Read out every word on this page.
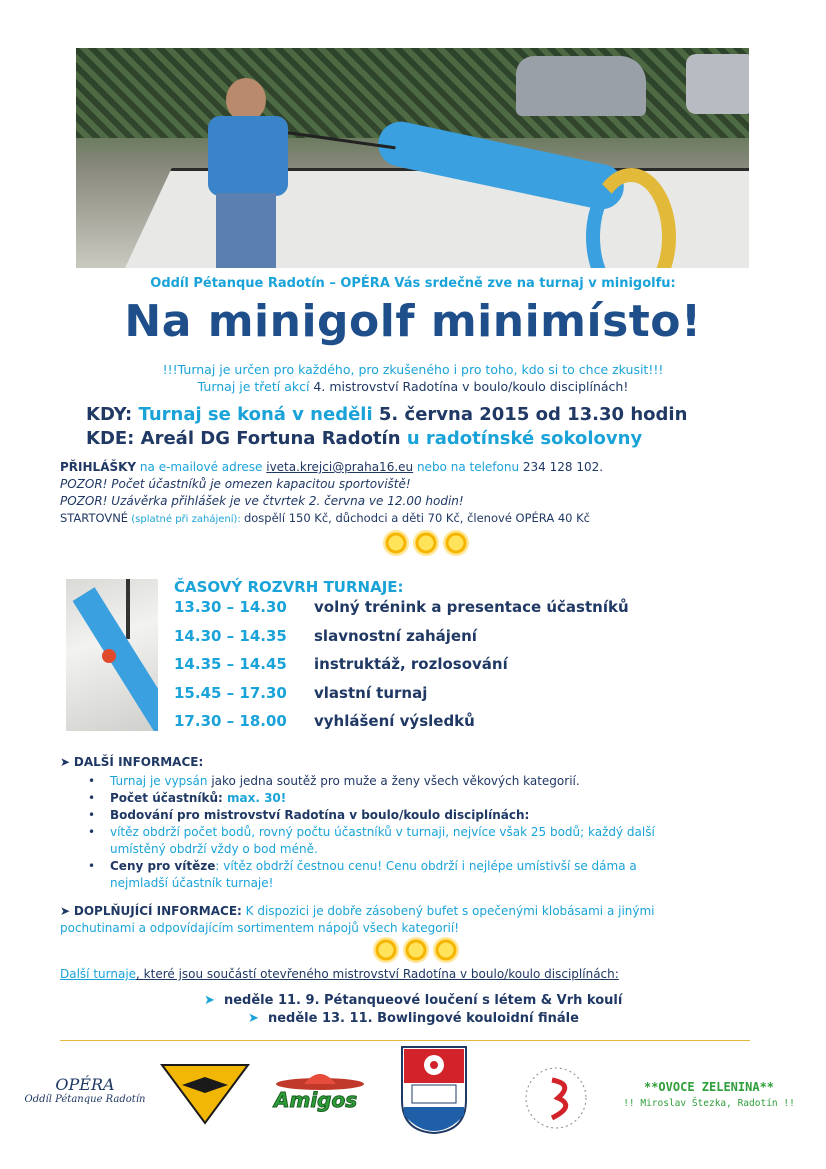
Oddíl Pétanque Radotín – OPÉRA Vás srdečně zve na turnaj v minigolfu:
Na minigolf minimísto!
!!!Turnaj je určen pro každého, pro zkušeného i pro toho, kdo si to chce zkusit!!!
Turnaj je třetí akcí 4. mistrovství Radotína v boulo/koulo disciplínách!
KDY: Turnaj se koná v neděli 5. června 2015 od 13.30 hodin
KDE: Areál DG Fortuna Radotín u radotínské sokolovny
PŘIHLÁŠKY na e-mailové adrese iveta.krejci@praha16.eu nebo na telefonu 234 128 102.
POZOR! Počet účastníků je omezen kapacitou sportoviště!
POZOR! Uzávěrka přihlášek je ve čtvrtek 2. června ve 12.00 hodin!
STARTOVNÉ (splatné při zahájení): dospělí 150 Kč, důchodci a děti 70 Kč, členové OPÉRA 40 Kč
ČASOVÝ ROZVRH TURNAJE:
13.30 – 14.30 volný trénink a presentace účastníků
14.30 – 14.35 slavnostní zahájení
14.35 – 14.45 instruktáž, rozlosování
15.45 – 17.30 vlastní turnaj
17.30 – 18.00 vyhlášení výsledků
➤ DALŠÍ INFORMACE:
• Turnaj je vypsán jako jedna soutěž pro muže a ženy všech věkových kategorií.
• Počet účastníků: max. 30!
• Bodování pro mistrovství Radotína v boulo/koulo disciplínách:
• vítěz obdrží počet bodů, rovný počtu účastníků v turnaji, nejvíce však 25 bodů; každý další
umístěný obdrží vždy o bod méně.
• Ceny pro vítěze: vítěz obdrží čestnou cenu! Cenu obdrží i nejlépe umístivší se dáma a
nejmladší účastník turnaje!
➤ DOPLŇUJÍCÍ INFORMACE: K dispozici je dobře zásobený bufet s opečenými klobásami a jinými
pochutinami a odpovídajícím sortimentem nápojů všech kategorií!
Další turnaje, které jsou součástí otevřeného mistrovství Radotína v boulo/koulo disciplínách:
➤ neděle 11. 9. Pétanqueové loučení s létem & Vrh koulí
➤ neděle 13. 11. Bowlingové kouloidní finále
OPÉRA
Oddíl Pétanque Radotín	Amigos
**OVOCE ZELENINA**
!! Miroslav Štezka, Radotín !!
